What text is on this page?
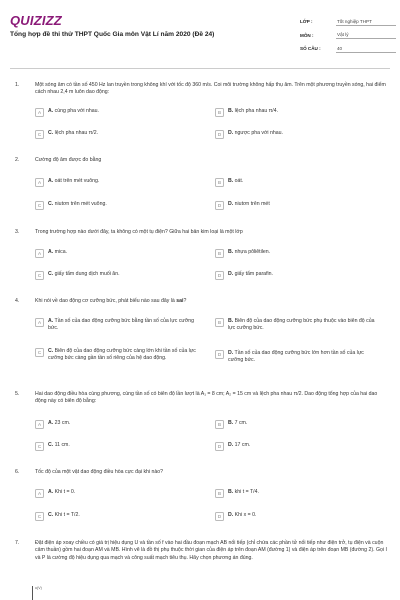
QUIZIZZ
Tổng hợp đề thi thử THPT Quốc Gia môn Vật Lí năm 2020 (Đề 24)
LỚP :	Tốt nghiệp THPT
MÔN :	Vật lý
SỐ CÂU :	40
1.	Một sóng âm có tần số 450 Hz lan truyền trong không khí với tốc độ 360 m/s. Coi môi trường không hấp thụ âm. Trên một phương truyền sóng, hai điểm cách nhau 2,4 m luôn dao động:
A	A. cùng pha với nhau.	B	B. lệch pha nhau π/4.
C	C. lệch pha nhau π/2.	D	D. ngược pha với nhau.
2.	Cường độ âm được đo bằng
A	A. oát trên mét vuông.	B	B. oát.
C	C. niutơn trên mét vuông.	D	D. niutơn trên mét
3.	Trong trường hợp nào dưới đây, ta không có một tụ điện? Giữa hai bản kim loại là một lớp
A	A. mica.	B	B. nhựa pôliêtilen.
C	C. giấy tẩm dung dịch muối ăn.	D	D. giấy tẩm parafin.
4.	Khi nói về dao động cơ cưỡng bức, phát biểu nào sau đây là sai?
A	A. Tần số của dao động cưỡng bức bằng tần số của lực cưỡng bức.
B	B. Biên độ của dao động cưỡng bức phụ thuộc vào biên độ của lực cưỡng bức.
C	C. Biên độ của dao động cưỡng bức càng lớn khi tần số của lực cưỡng bức càng gần tần số riêng của hệ dao động.
D	D. Tần số của dao động cưỡng bức lớn hơn tần số của lực cưỡng bức.
5.	Hai dao động điều hòa cùng phương, cùng tần số có biên độ lần lượt là A₁ = 8 cm; A₂ = 15 cm và lệch pha nhau π/2. Dao động tổng hợp của hai dao động này có biên độ bằng:
A	A. 23 cm.	B	B. 7 cm.
C	C. 11 cm.	D	D. 17 cm.
6.	Tốc độ của một vật dao động điều hòa cực đại khi nào?
A	A. Khi t = 0.	B	B. khi t = T/4.
C	C. Khi t = T/2.	D	D. Khi x = 0.
7.	Đặt điện áp xoay chiều có giá trị hiệu dụng U và tần số f vào hai đầu đoạn mạch AB nối tiếp (chỉ chứa các phần tử nối tiếp như điện trở, tụ điện và cuộn cảm thuần) gồm hai đoạn AM và MB. Hình vẽ là đồ thị phụ thuộc thời gian của điện áp trên đoạn AM (đường 1) và điện áp trên đoạn MB (đường 2). Gọi I và P là cường độ hiệu dụng qua mạch và công suất mạch tiêu thụ. Hãy chọn phương án đúng.
u(V)
